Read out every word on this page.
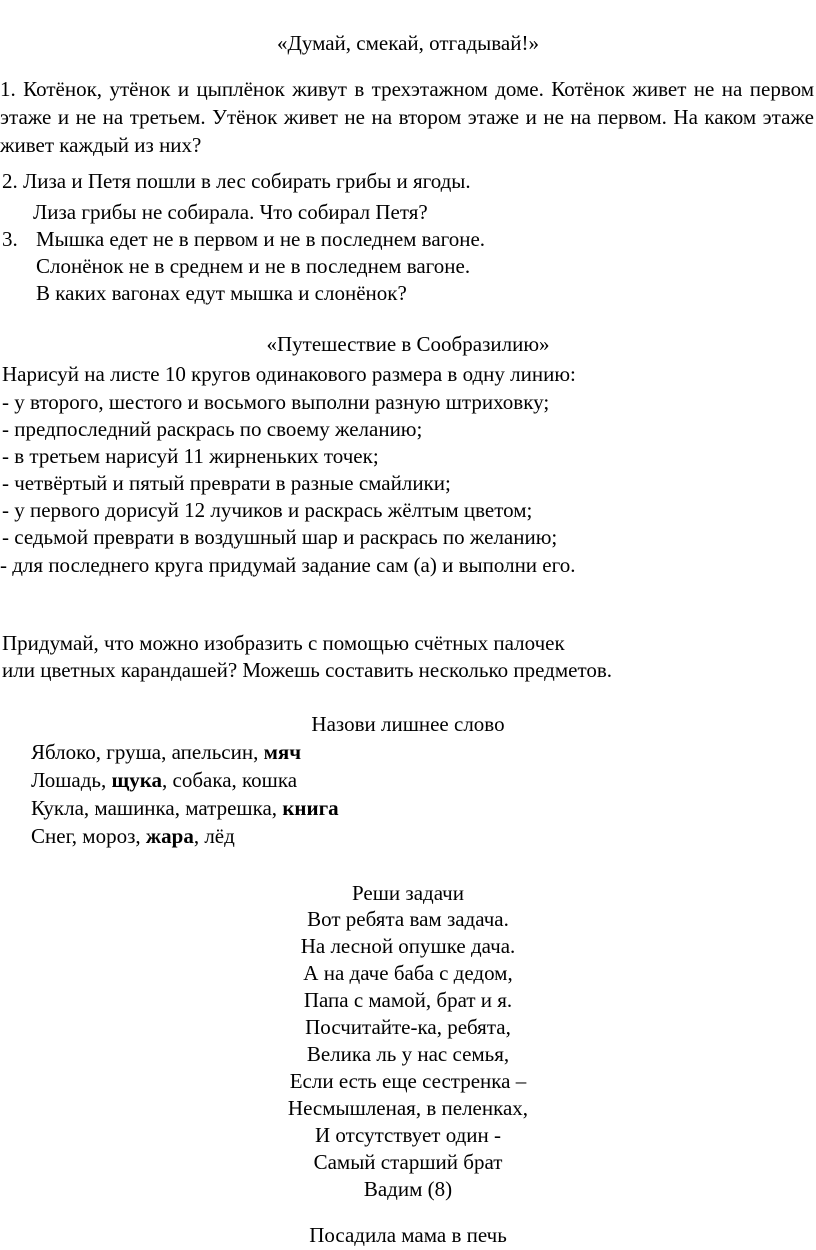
«Думай, смекай, отгадывай!»
1. Котёнок, утёнок и цыплёнок живут в трехэтажном доме. Котёнок живет не на первом этаже и не на третьем. Утёнок живет не на втором этаже и не на первом. На каком этаже живет каждый из них?
2. Лиза и Петя пошли в лес собирать грибы и ягоды.
Лиза грибы не собирала. Что собирал Петя?
3. Мышка едет не в первом и не в последнем вагоне.
Слонёнок не в среднем и не в последнем вагоне.
В каких вагонах едут мышка и слонёнок?
«Путешествие в Сообразилию»
Нарисуй на листе 10 кругов одинакового размера в одну линию:
- у второго, шестого и восьмого выполни разную штриховку;
- предпоследний раскрась по своему желанию;
- в третьем нарисуй 11 жирненьких точек;
- четвёртый и пятый преврати в разные смайлики;
- у первого дорисуй 12 лучиков и раскрась жёлтым цветом;
- седьмой преврати в воздушный шар и раскрась по желанию;
- для последнего круга придумай задание сам (а) и выполни его.
Придумай, что можно изобразить с помощью счётных палочек
или цветных карандашей? Можешь составить несколько предметов.
Назови лишнее слово
Яблоко, груша, апельсин, мяч
Лошадь, щука, собака, кошка
Кукла, машинка, матрешка, книга
Снег, мороз, жара, лёд
Реши задачи
Вот ребята вам задача.
На лесной опушке дача.
А на даче баба с дедом,
Папа с мамой, брат и я.
Посчитайте-ка, ребята,
Велика ль у нас семья,
Если есть еще сестренка –
Несмышленая, в пеленках,
И отсутствует один -
Самый старший брат
Вадим (8)
Посадила мама в печь
